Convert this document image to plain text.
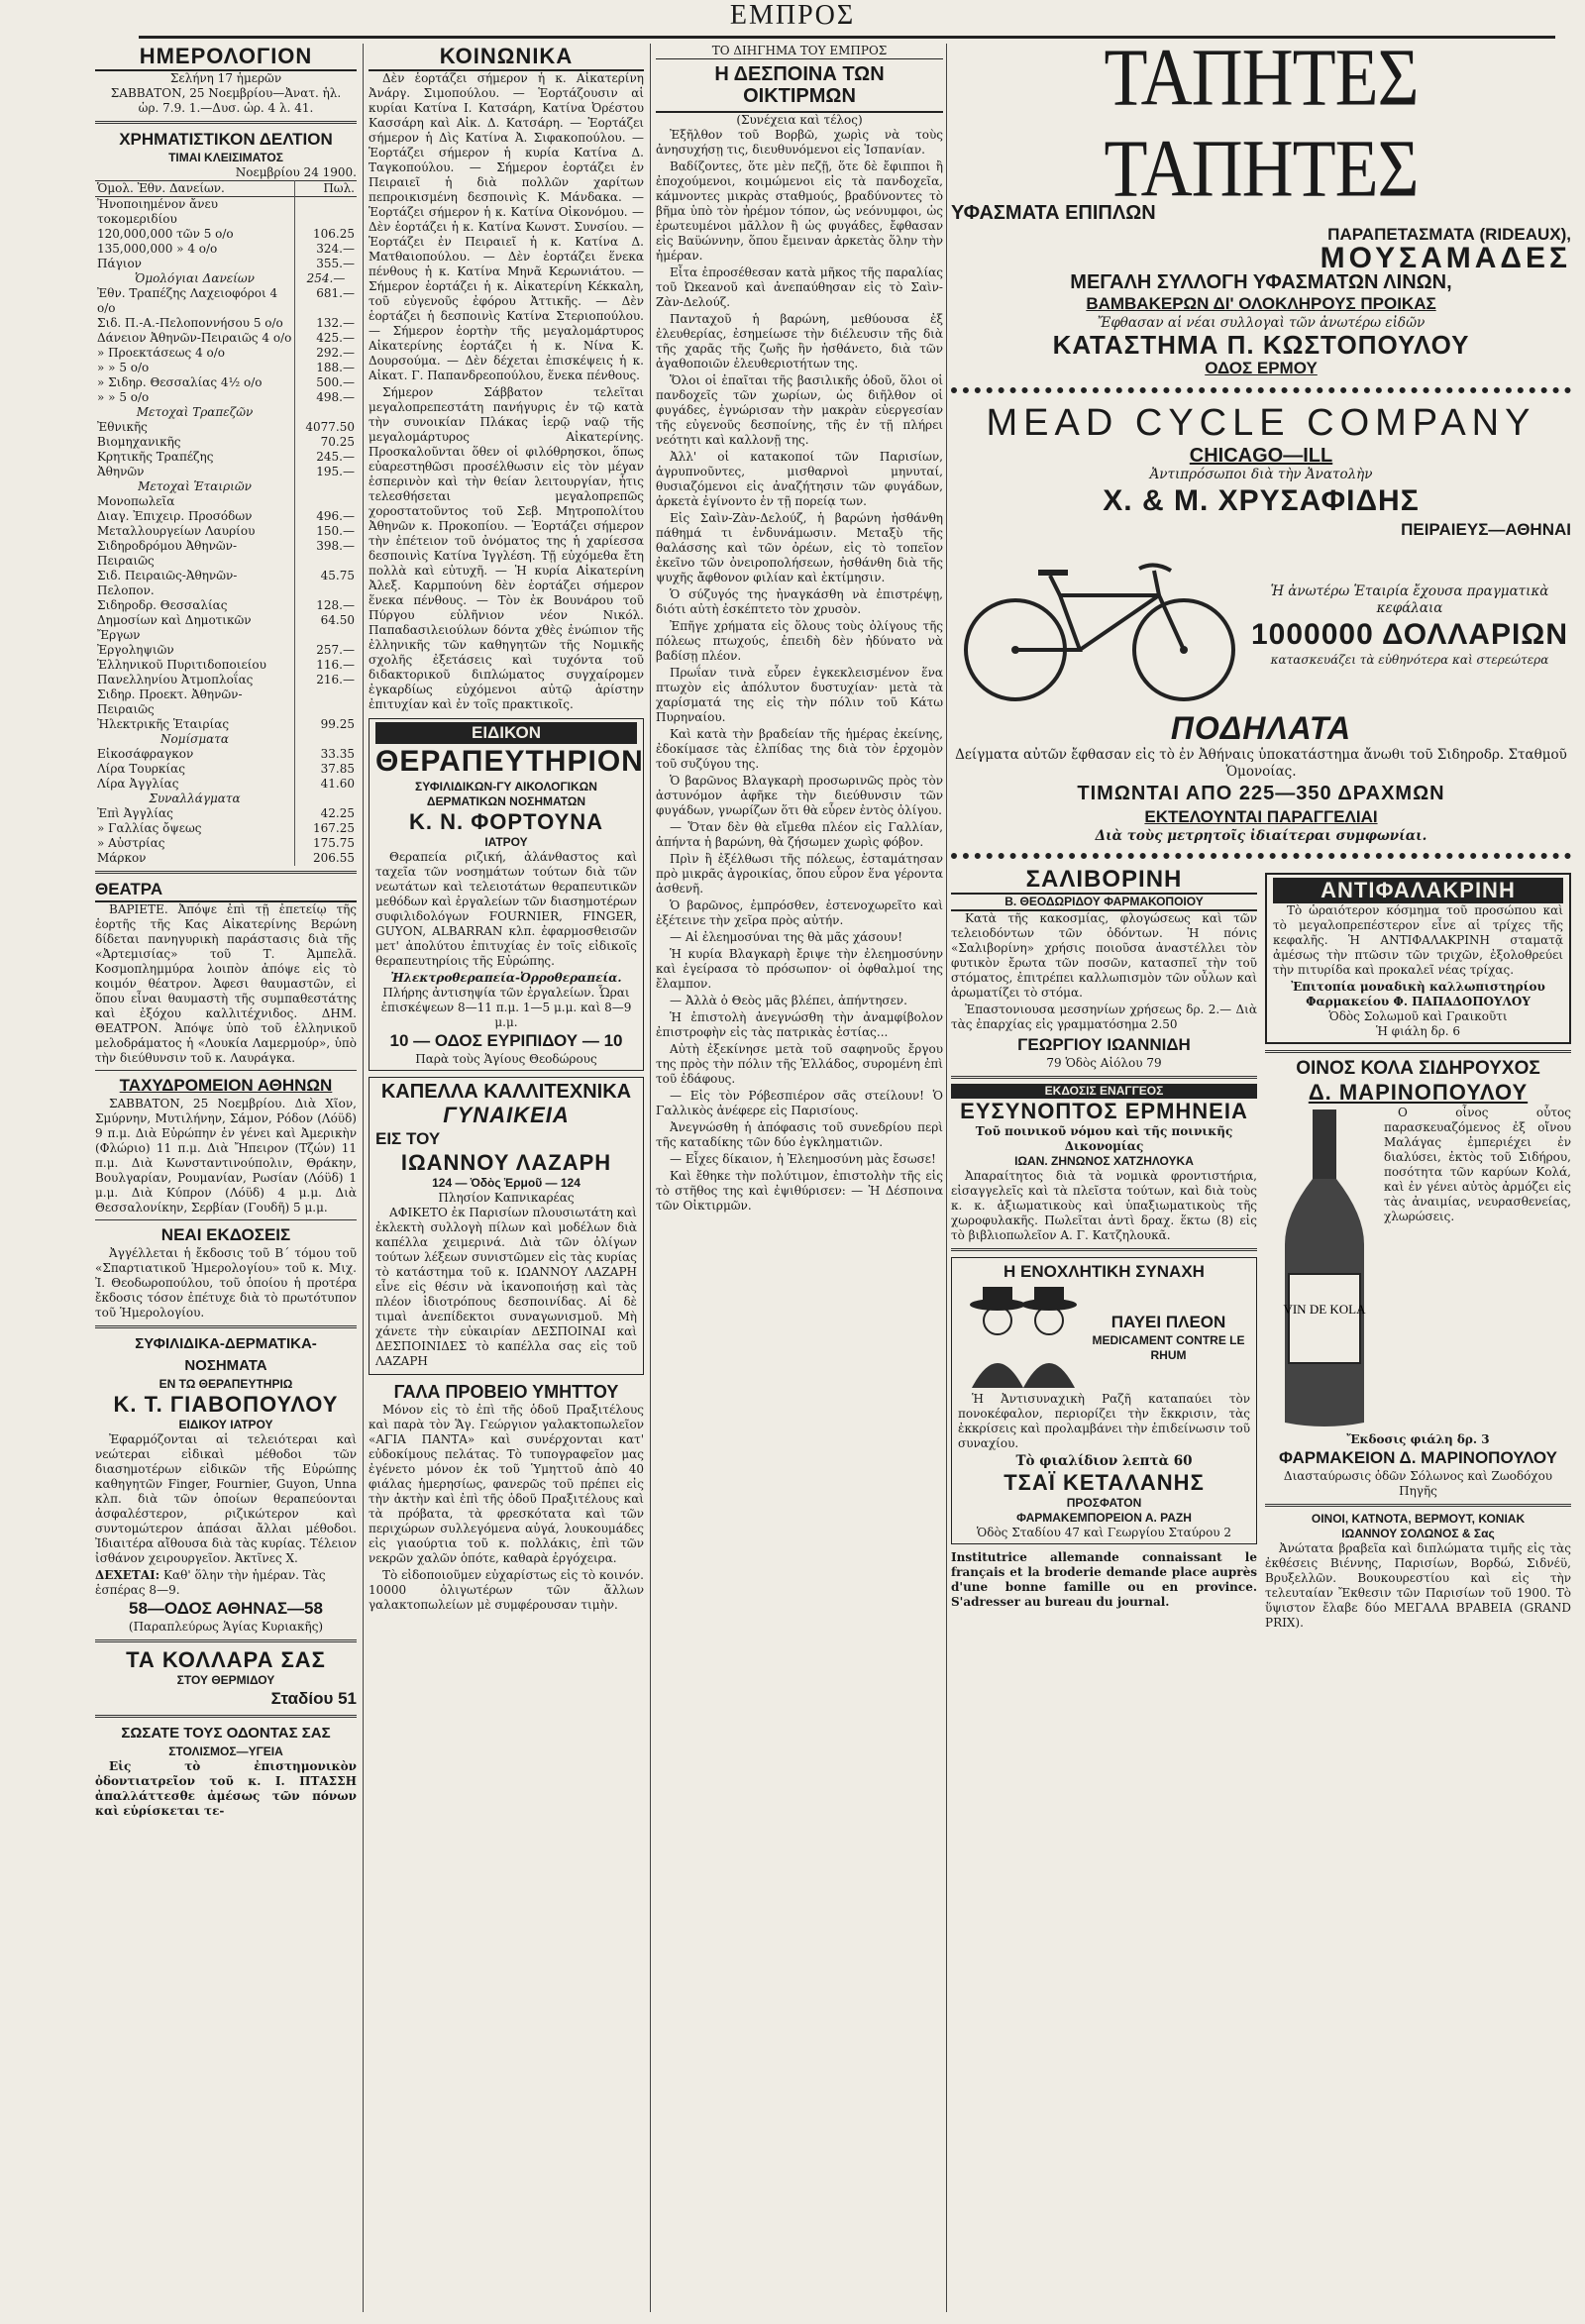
ΕΜΠΡΟΣ
ΗΜΕΡΟΛΟΓΙΟΝ
Σελήνη 17 ἡμερῶν
ΣΑΒΒΑΤΟΝ, 25 Νοεμβρίου—Ἀνατ. ἡλ.
ὡρ. 7.9. 1.—Δυσ. ὡρ. 4 λ. 41.
ΧΡΗΜΑΤΙΣΤΙΚΟΝ ΔΕΛΤΙΟΝ
ΤΙΜΑΙ ΚΛΕΙΣΙΜΑΤΟΣ
Νοεμβρίου 24 1900.
Ὁμολ. Ἐθν. Δανείων.	Πωλ.
Ἠνοποιημένον ἄνευ τοκομεριδίου	
120,000,000 τῶν 5 ο/ο	106.25
135,000,000 » 4 ο/ο	324.—
Πάγιον	355.—
Ὁμολόγιαι Δανείων	254.—
Ἐθν. Τραπέζης Λαχειοφόροι 4 ο/ο	681.—
Σιδ. Π.-Α.-Πελοποννήσου 5 ο/ο	132.—
Δάνειον Ἀθηνῶν-Πειραιῶς 4 ο/ο	425.—
» Προεκτάσεως 4 ο/ο	292.—
» » 5 ο/ο	188.—
» Σιδηρ. Θεσσαλίας 4½ ο/ο	500.—
» » 5 ο/ο	498.—
Μετοχαὶ Τραπεζῶν	
Ἐθνικῆς	4077.50
Βιομηχανικῆς	70.25
Κρητικῆς Τραπέζης	245.—
Ἀθηνῶν	195.—
Μετοχαὶ Ἑταιριῶν	
Μονοπωλεῖα	
Διαγ. Ἐπιχειρ. Προσόδων	496.—
Μεταλλουργείων Λαυρίου	150.—
Σιδηροδρόμου Ἀθηνῶν-Πειραιῶς	398.—
Σιδ. Πειραιῶς-Ἀθηνῶν-Πελοπον.	45.75
Σιδηροδρ. Θεσσαλίας	128.—
Δημοσίων καὶ Δημοτικῶν Ἔργων	64.50
Ἐργοληψιῶν	257.—
Ἑλληνικοῦ Πυριτιδοποιείου	116.—
Πανελληνίου Ἀτμοπλοΐας	216.—
Σιδηρ. Προεκτ. Ἀθηνῶν-Πειραιῶς	
Ἠλεκτρικῆς Ἑταιρίας	99.25
Νομίσματα	
Εἰκοσάφραγκον	33.35
Λίρα Τουρκίας	37.85
Λίρα Ἀγγλίας	41.60
Συναλλάγματα	
Ἐπὶ Ἀγγλίας	42.25
» Γαλλίας ὄψεως	167.25
» Αὐστρίας	175.75
Μάρκον	206.55
ΘΕΑΤΡΑ

ΒΑΡΙΕΤΕ. Ἀπόψε ἐπὶ τῇ ἐπετείῳ τῆς ἑορτῆς τῆς Κας Αἰκατερίνης Βερώνη δίδεται πανηγυρικὴ παράστασις διὰ τῆς «Ἀρτεμισίας» τοῦ Τ. Ἀμπελᾶ. Κοσμοπλημμύρα λοιπὸν ἀπόψε εἰς τὸ κοιμόν θέατρον. Ἀφεσι θαυμαστῶν, εἰ ὅπου εἶναι θαυμαστὴ τῆς συμπαθεστάτης καὶ ἐξόχου καλλιτέχνιδος. ΔΗΜ. ΘΕΑΤΡΟΝ. Ἀπόψε ὑπὸ τοῦ ἑλληνικοῦ μελοδράματος ἡ «Λουκία Λαμερμούρ», ὑπὸ τὴν διεύθυνσιν τοῦ κ. Λαυράγκα.

ΤΑΧΥΔΡΟΜΕΙΟΝ ΑΘΗΝΩΝ

ΣΑΒΒΑΤΟΝ, 25 Νοεμβρίου. Διὰ Χῖον, Σμύρνην, Μυτιλήνην, Σάμον, Ρόδον (Λόϋδ) 9 π.μ. Διὰ Εὐρώπην ἐν γένει καὶ Ἀμερικὴν (Φλώριο) 11 π.μ. Διὰ Ἤπειρον (Τζών) 11 π.μ. Διὰ Κωνσταντινούπολιν, Θράκην, Βουλγαρίαν, Ρουμανίαν, Ρωσίαν (Λόϋδ) 1 μ.μ. Διὰ Κύπρον (Λόϋδ) 4 μ.μ. Διὰ Θεσσαλονίκην, Σερβίαν (Γουδῆ) 5 μ.μ.

ΝΕΑΙ ΕΚΔΟΣΕΙΣ

Ἀγγέλλεται ἡ ἔκδοσις τοῦ Β΄ τόμου τοῦ «Σπαρτιατικοῦ Ἡμερολογίου» τοῦ κ. Μιχ. Ἰ. Θεοδωροπούλου, τοῦ ὁποίου ἡ προτέρα ἔκδοσις τόσον ἐπέτυχε διὰ τὸ πρωτότυπον τοῦ Ἡμερολογίου.

ΣΥΦΙΛΙΔΙΚΑ-ΔΕΡΜΑΤΙΚΑ-ΝΟΣΗΜΑΤΑ
ΕΝ ΤΩ ΘΕΡΑΠΕΥΤΗΡΙΩ
Κ. Τ. ΓΙΑΒΟΠΟΥΛΟΥ
ΕΙΔΙΚΟΥ ΙΑΤΡΟΥ

Ἐφαρμόζονται αἱ τελειότεραι καὶ νεώτεραι εἰδικαὶ μέθοδοι τῶν διασημοτέρων εἰδικῶν τῆς Εὐρώπης καθηγητῶν Finger, Fournier, Guyon, Unna κλπ. διὰ τῶν ὁποίων θεραπεύονται ἀσφαλέστερον, ριζικώτερον καὶ συντομώτερον ἁπάσαι ἄλλαι μέθοδοι. Ἰδιαιτέρα αἴθουσα διὰ τὰς κυρίας. Τέλειον ἰσθάνον χειρουργεῖον. Ἀκτῖνες Χ.

ΔΕΧΕΤΑΙ: Καθ' ὅλην τὴν ἡμέραν. Τὰς ἑσπέρας 8—9.
58—ΟΔΟΣ ΑΘΗΝΑΣ—58
(Παραπλεύρως Ἁγίας Κυριακῆς)
ΤΑ ΚΟΛΛΑΡΑ ΣΑΣ
ΣΤΟΥ ΘΕΡΜΙΔΟΥ
Σταδίου 51
ΣΩΣΑΤΕ ΤΟΥΣ ΟΔΟΝΤΑΣ ΣΑΣ
ΣΤΟΛΙΣΜΟΣ—ΥΓΕΙΑ

Εἰς τὸ ἐπιστημονικὸν ὀδοντιατρεῖον τοῦ κ. Ι. ΠΤΑΣΣΗ ἀπαλλάττεσθε ἀμέσως τῶν πόνων καὶ εὑρίσκεται τε-

ΚΟΙΝΩΝΙΚΑ

Δὲν ἑορτάζει σήμερον ἡ κ. Αἰκατερίνη Ἀνάργ. Σιμοπούλου. — Ἑορτάζουσιν αἱ κυρίαι Κατίνα Ι. Κατσάρη, Κατίνα Ὀρέστου Κασσάρη καὶ Αἰκ. Δ. Κατσάρη. — Ἑορτάζει σήμερον ἡ Δὶς Κατίνα Ἀ. Σιφακοπούλου. — Ἑορτάζει σήμερον ἡ κυρία Κατίνα Δ. Ταγκοπούλου. — Σήμερον ἑορτάζει ἐν Πειραιεῖ ἡ διὰ πολλῶν χαρίτων πεπροικισμένη δεσποινὶς Κ. Μάνδακα. — Ἑορτάζει σήμερον ἡ κ. Κατίνα Οἰκονόμου. — Δὲν ἑορτάζει ἡ κ. Κατίνα Κωνστ. Συνσίου. — Ἑορτάζει ἐν Πειραιεῖ ἡ κ. Κατίνα Δ. Ματθαιοπούλου. — Δὲν ἑορτάζει ἕνεκα πένθους ἡ κ. Κατίνα Μηνᾶ Κερωνιάτου. — Σήμερον ἑορτάζει ἡ κ. Αἰκατερίνη Κέκκαλη, τοῦ εὐγενοῦς ἐφόρου Ἀττικῆς. — Δὲν ἑορτάζει ἡ δεσποινὶς Κατίνα Στεριοπούλου. — Σήμερον ἑορτὴν τῆς μεγαλομάρτυρος Αἰκατερίνης ἑορτάζει ἡ κ. Νίνα Κ. Δουρσούμα. — Δὲν δέχεται ἐπισκέψεις ἡ κ. Αἰκατ. Γ. Παπανδρεοπούλου, ἕνεκα πένθους.

Σήμερον Σάββατον τελεῖται μεγαλοπρεπεστάτη πανήγυρις ἐν τῷ κατὰ τὴν συνοικίαν Πλάκας ἱερῷ ναῷ τῆς μεγαλομάρτυρος Αἰκατερίνης. Προσκαλοῦνται ὅθεν οἱ φιλόθρησκοι, ὅπως εὐαρεστηθῶσι προσέλθωσιν εἰς τὸν μέγαν ἑσπερινὸν καὶ τὴν θείαν λειτουργίαν, ἧτις τελεσθήσεται μεγαλοπρεπῶς χοροστατοῦντος τοῦ Σεβ. Μητροπολίτου Ἀθηνῶν κ. Προκοπίου. — Ἑορτάζει σήμερον τὴν ἐπέτειον τοῦ ὀνόματος της ἡ χαρίεσσα δεσποινὶς Κατίνα Ἰγγλέση. Τῇ εὐχόμεθα ἔτη πολλὰ καὶ εὐτυχῆ. — Ἡ κυρία Αἰκατερίνη Ἀλεξ. Καρμπούνη δὲν ἑορτάζει σήμερον ἕνεκα πένθους. — Τὸν ἐκ Βουνάρου τοῦ Πύργου εὑλῆνιον νέον Νικόλ. Παπαδασιλειούλων δόντα χθὲς ἐνώπιον τῆς ἐλληνικῆς τῶν καθηγητῶν τῆς Νομικῆς σχολῆς ἐξετάσεις καὶ τυχόντα τοῦ διδακτορικοῦ διπλώματος συγχαίρομεν ἐγκαρδίως εὐχόμενοι αὐτῷ ἀρίστην ἐπιτυχίαν καὶ ἐν τοῖς πρακτικοῖς.

ΕΙΔΙΚΟΝ
ΘΕΡΑΠΕΥΤΗΡΙΟΝ
ΣΥΦΙΛΙΔΙΚΩΝ-ΓΥ ΑΙΚΟΛΟΓΙΚΩΝ ΔΕΡΜΑΤΙΚΩΝ ΝΟΣΗΜΑΤΩΝ
Κ. Ν. ΦΟΡΤΟΥΝΑ
ΙΑΤΡΟΥ

Θεραπεία ριζική, ἀλάνθαστος καὶ ταχεῖα τῶν νοσημάτων τούτων διὰ τῶν νεωτάτων καὶ τελειοτάτων θεραπευτικῶν μεθόδων καὶ ἐργαλείων τῶν διασημοτέρων συφιλιδολόγων FOURNIER, FINGER, GUYON, ALBARRAN κλπ. ἐφαρμοσθεισῶν μετ' ἀπολύτου ἐπιτυχίας ἐν τοῖς εἰδικοῖς θεραπευτηρίοις τῆς Εὐρώπης.

Ἠλεκτροθεραπεία-Ὀρροθεραπεία.
Πλήρης ἀντισηψία τῶν ἐργαλείων. Ὧραι ἐπισκέψεων 8—11 π.μ. 1—5 μ.μ. καὶ 8—9 μ.μ.
10 — ΟΔΟΣ ΕΥΡΙΠΙΔΟΥ — 10
Παρὰ τοὺς Ἁγίους Θεοδώρους
ΚΑΠΕΛΛΑ ΚΑΛΛΙΤΕΧΝΙΚΑ
ΓΥΝΑΙΚΕΙΑ
ΕΙΣ ΤΟΥ
ΙΩΑΝΝΟΥ ΛΑΖΑΡΗ
124 — Ὁδὸς Ἑρμοῦ — 124
Πλησίον Καπνικαρέας

ΑΦΙΚΕΤΟ ἐκ Παρισίων πλουσιωτάτη καὶ ἐκλεκτὴ συλλογὴ πίλων καὶ μοδέλων διὰ καπέλλα χειμερινά. Διὰ τῶν ὀλίγων τούτων λέξεων συνιστῶμεν εἰς τὰς κυρίας τὸ κατάστημα τοῦ κ. ΙΩΑΝΝΟΥ ΛΑΖΑΡΗ εἶνε εἰς θέσιν νὰ ἱκανοποιήσῃ καὶ τὰς πλέον ἰδιοτρόπους δεσποινίδας. Αἱ δὲ τιμαὶ ἀνεπίδεκτοι συναγωνισμοῦ. Μὴ χάνετε τὴν εὐκαιρίαν ΔΕΣΠΟΙΝΑΙ καὶ ΔΕΣΠΟΙΝΙΔΕΣ τὸ καπέλλα σας εἰς τοῦ ΛΑΖΑΡΗ

ΓΑΛΑ ΠΡΟΒΕΙΟ ΥΜΗΤΤΟΥ

Μόνον εἰς τὸ ἐπὶ τῆς ὁδοῦ Πραξιτέλους καὶ παρὰ τὸν Ἅγ. Γεώργιον γαλακτοπωλεῖον «ΑΓΙΑ ΠΑΝΤΑ» καὶ συνέρχονται κατ' εὐδοκίμους πελάτας. Τὸ τυπογραφεῖον μας ἐγένετο μόνον ἐκ τοῦ Ὑμηττοῦ ἀπὸ 40 φιάλας ἡμερησίως, φανερῶς τοῦ πρέπει εἰς τὴν ἀκτὴν καὶ ἐπὶ τῆς ὁδοῦ Πραξιτέλους καὶ τὰ πρόβατα, τὰ φρεσκότατα καὶ τῶν περιχώρων συλλεγόμενα αὐγά, λουκουμάδες εἰς γιαούρτια τοῦ κ. πολλάκις, ἐπὶ τῶν νεκρῶν χαλῶν ὁπότε, καθαρὰ ἐργόχειρα.

Τὸ εἰδοποιοῦμεν εὐχαρίστως εἰς τὸ κοινόν. 10000 ὀλιγωτέρων τῶν ἄλλων γαλακτοπωλείων μὲ συμφέρουσαν τιμὴν.

ΤΟ ΔΙΗΓΗΜΑ ΤΟΥ ΕΜΠΡΟΣ
Η ΔΕΣΠΟΙΝΑ ΤΩΝ ΟΙΚΤΙΡΜΩΝ
(Συνέχεια καὶ τέλος)

Ἐξῆλθον τοῦ Βορβῶ, χωρὶς νὰ τοὺς ἀνησυχήσῃ τις, διευθυνόμενοι εἰς Ἱσπανίαν.

Βαδίζοντες, ὅτε μὲν πεζῇ, ὅτε δὲ ἔφιπποι ἢ ἐποχούμενοι, κοιμώμενοι εἰς τὰ πανδοχεῖα, κάμνοντες μικρὰς σταθμούς, βραδύνοντες τὸ βῆμα ὑπὸ τὸν ἠρέμον τόπον, ὡς νεόνυμφοι, ὡς ἐρωτευμένοι μᾶλλον ἢ ὡς φυγάδες, ἔφθασαν εἰς Βαϋώννην, ὅπου ἔμειναν ἀρκετὰς ὅλην τὴν ἡμέραν.

Εἶτα ἐπροσέθεσαν κατὰ μῆκος τῆς παραλίας τοῦ Ὠκεανοῦ καὶ ἀνεπαύθησαν εἰς τὸ Σαὶν-Ζὰν-Δελούζ.

Πανταχοῦ ἡ βαρώνη, μεθύουσα ἐξ ἐλευθερίας, ἐσημείωσε τὴν διέλευσιν τῆς διὰ τῆς χαρᾶς τῆς ζωῆς ἣν ἠσθάνετο, διὰ τῶν ἀγαθοποιῶν ἐλευθεριοτήτων της.

Ὅλοι οἱ ἐπαῖται τῆς βασιλικῆς ὁδοῦ, ὅλοι οἱ πανδοχεῖς τῶν χωρίων, ὡς διῆλθον οἱ φυγάδες, ἐγνώρισαν τὴν μακρὰν εὐεργεσίαν τῆς εὐγενοῦς δεσποίνης, τῆς ἐν τῇ πλήρει νεότητι καὶ καλλονῇ της.

Ἀλλ' οἱ κατακοποί τῶν Παρισίων, ἀγρυπνοῦντες, μισθαρνοὶ μηνυταί, θυσιαζόμενοι εἰς ἀναζήτησιν τῶν φυγάδων, ἀρκετὰ ἐγίνοντο ἐν τῇ πορείᾳ των.

Εἰς Σαὶν-Ζὰν-Δελούζ, ἡ βαρώνη ἠσθάνθη πάθημά τι ἐνδυνάμωσιν. Μεταξὺ τῆς θαλάσσης καὶ τῶν ὀρέων, εἰς τὸ τοπεῖον ἐκεῖνο τῶν ὀνειροπολήσεων, ἠσθάνθη διὰ τῆς ψυχῆς ἄφθονον φιλίαν καὶ ἐκτίμησιν.

Ὁ σύζυγός της ἠναγκάσθη νὰ ἐπιστρέψῃ, διότι αὐτὴ ἐσκέπτετο τὸν χρυσὸν.

Ἐπῆγε χρήματα εἰς ὅλους τοὺς ὀλίγους τῆς πόλεως πτωχούς, ἐπειδὴ δὲν ἠδύνατο νὰ βαδίσῃ πλέον.

Πρωΐαν τινὰ εὗρεν ἐγκεκλεισμένον ἕνα πτωχὸν εἰς ἀπόλυτον δυστυχίαν· μετὰ τὰ χαρίσματά της εἰς τὴν πόλιν τοῦ Κάτω Πυρηναίου.

Καὶ κατὰ τὴν βραδείαν τῆς ἡμέρας ἐκείνης, ἐδοκίμασε τὰς ἐλπίδας της διὰ τὸν ἐρχομὸν τοῦ συζύγου της.

Ὁ βαρῶνος Βλαγκαρὴ προσωρινῶς πρὸς τὸν ἀστυνόμον ἀφῆκε τὴν διεύθυνσιν τῶν φυγάδων, γνωρίζων ὅτι θὰ εὗρεν ἐντὸς ὀλίγου.

— Ὅταν δὲν θὰ εἴμεθα πλέον εἰς Γαλλίαν, ἀπήντα ἡ βαρώνη, θὰ ζήσωμεν χωρὶς φόβον.

Πρὶν ἢ ἐξέλθωσι τῆς πόλεως, ἐσταμάτησαν πρὸ μικρᾶς ἀγροικίας, ὅπου εὗρον ἕνα γέροντα ἀσθενῆ.

Ὁ βαρῶνος, ἐμπρόσθεν, ἐστενοχωρεῖτο καὶ ἐξέτεινε τὴν χεῖρα πρὸς αὐτήν.

— Αἱ ἐλεημοσύναι της θὰ μᾶς χάσουν!

Ἡ κυρία Βλαγκαρὴ ἔριψε τὴν ἐλεημοσύνην καὶ ἐγείρασα τὸ πρόσωπον· οἱ ὀφθαλμοί της ἔλαμπον.

— Ἀλλὰ ὁ Θεὸς μᾶς βλέπει, ἀπήντησεν.

Ἡ ἐπιστολὴ ἀνεγνώσθη τὴν ἀναμφίβολον ἐπιστροφὴν εἰς τὰς πατρικὰς ἑστίας...

Αὐτὴ ἐξεκίνησε μετὰ τοῦ σαφηνοῦς ἔργου της πρὸς τὴν πόλιν τῆς Ἑλλάδος, συρομένη ἐπὶ τοῦ ἐδάφους.

— Εἰς τὸν Ρόβεσπιέρον σᾶς στείλουν! Ὁ Γαλλικὸς ἀνέφερε εἰς Παρισίους.

Ἀνεγνώσθη ἡ ἀπόφασις τοῦ συνεδρίου περὶ τῆς καταδίκης τῶν δύο ἐγκληματιῶν.

— Εἶχες δίκαιον, ἡ Ἐλεημοσύνη μὰς ἔσωσε!

Καὶ ἔθηκε τὴν πολύτιμον, ἐπιστολὴν τῆς εἰς τὸ στῆθος της καὶ ἐψιθύρισεν: — Ἡ Δέσποινα τῶν Οἰκτιρμῶν.

ΤΑΠΗΤΕΣ ΤΑΠΗΤΕΣ
ΥΦΑΣΜΑΤΑ ΕΠΙΠΛΩΝ
ΠΑΡΑΠΕΤΑΣΜΑΤΑ (RIDEAUX),
ΜΟΥΣΑΜΑΔΕΣ
ΜΕΓΑΛΗ ΣΥΛΛΟΓΗ ΥΦΑΣΜΑΤΩΝ ΛΙΝΩΝ,
ΒΑΜΒΑΚΕΡΩΝ ΔΙ' ΟΛΟΚΛΗΡΟΥΣ ΠΡΟΙΚΑΣ
Ἔφθασαν αἱ νέαι συλλογαὶ τῶν ἀνωτέρω εἰδῶν
ΚΑΤΑΣΤΗΜΑ Π. ΚΩΣΤΟΠΟΥΛΟΥ
ΟΔΟΣ ΕΡΜΟΥ
MEAD CYCLE COMPANY
CHICAGO—ILL
Ἀντιπρόσωποι διὰ τὴν Ἀνατολὴν
Χ. & Μ. ΧΡΥΣΑΦΙΔΗΣ
ΠΕΙΡΑΙΕΥΣ—ΑΘΗΝΑΙ
Ἡ ἀνωτέρω Ἑταιρία ἔχουσα πραγματικὰ κεφάλαια
1000000 ΔΟΛΛΑΡΙΩΝ
κατασκευάζει τὰ εὐθηνότερα καὶ στερεώτερα
ΠΟΔΗΛΑΤΑ
Δείγματα αὐτῶν ἔφθασαν εἰς τὸ ἐν Ἀθήναις ὑποκατάστημα ἄνωθι τοῦ Σιδηροδρ. Σταθμοῦ Ὁμονοίας.
ΤΙΜΩΝΤΑΙ ΑΠΟ 225—350 ΔΡΑΧΜΩΝ
ΕΚΤΕΛΟΥΝΤΑΙ ΠΑΡΑΓΓΕΛΙΑΙ
Διὰ τοὺς μετρητοῖς ἰδιαίτεραι συμφωνίαι.
ΣΑΛΙΒΟΡΙΝΗ
Β. ΘΕΟΔΩΡΙΔΟΥ ΦΑΡΜΑΚΟΠΟΙΟΥ

Κατὰ τῆς κακοσμίας, φλογώσεως καὶ τῶν τελειοδόντων τῶν ὀδόντων. Ἡ πόνις «Σαλιβορίνη» χρήσις ποιοῦσα ἀναστέλλει τὸν φυτικὸν ἔρωτα τῶν ποσῶν, κατασπεῖ τὴν τοῦ στόματος, ἐπιτρέπει καλλωπισμὸν τῶν οὖλων καὶ ἀρωματίζει τὸ στόμα.

Ἐπαστονιουσα μεσσηνίων χρήσεως δρ. 2.— Διὰ τὰς ἐπαρχίας εἰς γραμματόσημα 2.50

ΓΕΩΡΓΙΟΥ ΙΩΑΝΝΙΔΗ
79 Ὁδὸς Αἰόλου 79
ΕΚΔΟΣΙΣ ΕΝΑΓΓΕΟΣ
ΕΥΣΥΝΟΠΤΟΣ ΕΡΜΗΝΕΙΑ
Τοῦ ποινικοῦ νόμου καὶ τῆς ποινικῆς Δικονομίας
ΙΩΑΝ. ΖΗΝΩΝΟΣ ΧΑΤΖΗΛΟΥΚΑ

Ἀπαραίτητος διὰ τὰ νομικὰ φροντιστήρια, εἰσαγγελεῖς καὶ τὰ πλεῖστα τούτων, καὶ διὰ τοὺς κ. κ. ἀξιωματικοὺς καὶ ὑπαξιωματικοὺς τῆς χωροφυλακῆς. Πωλεῖται ἀντὶ δραχ. ἕκτω (8) εἰς τὸ βιβλιοπωλεῖον Α. Γ. Κατζηλουκᾶ.

Η ΕΝΟΧΛΗΤΙΚΗ ΣΥΝΑΧΗ
ΠΑΥΕΙ ΠΛΕΟΝ
MEDICAMENT CONTRE LE RHUM

Ἡ Ἀντισυναχικὴ Ραζῆ καταπαύει τὸν πονοκέφαλον, περιορίζει τὴν ἔκκρισιν, τὰς ἐκκρίσεις καὶ προλαμβάνει τὴν ἐπιδείνωσιν τοῦ συναχίου.

Τὸ φιαλίδιον λεπτὰ 60
ΤΣΑΪ ΚΕΤΑΛΑΝΗΣ
ΠΡΟΣΦΑΤΟΝ
ΦΑΡΜΑΚΕΜΠΟΡΕΙΟΝ Α. ΡΑΖΗ
Ὁδὸς Σταδίου 47 καὶ Γεωργίου Σταύρου 2

Institutrice allemande connaissant le français et la broderie demande place auprès d'une bonne famille ou en province. S'adresser au bureau du journal.

ΑΝΤΙΦΑΛΑΚΡΙΝΗ

Τὸ ὡραιότερον κόσμημα τοῦ προσώπου καὶ τὸ μεγαλοπρεπέστερον εἶνε αἱ τρίχες τῆς κεφαλῆς. Ἡ ΑΝΤΙΦΑΛΑΚΡΙΝΗ σταματᾷ ἀμέσως τὴν πτῶσιν τῶν τριχῶν, ἐξολοθρεύει τὴν πιτυρίδα καὶ προκαλεῖ νέας τρίχας.

Ἐπιτοπία μοναδικὴ καλλωπιστηρίου Φαρμακείου Φ. ΠΑΠΑΔΟΠΟΥΛΟΥ
Ὁδὸς Σολωμοῦ καὶ Γραικοῦτι
Ἡ φιάλη δρ. 6
ΟΙΝΟΣ ΚΟΛΑ ΣΙΔΗΡΟΥΧΟΣ
Δ. ΜΑΡΙΝΟΠΟΥΛΟΥ
VIN DE KOLA

Ο οἶνος οὗτος παρασκευαζόμενος ἐξ οἴνου Μαλάγας ἐμπεριέχει ἐν διαλύσει, ἐκτὸς τοῦ Σιδήρου, ποσότητα τῶν καρύων Κολά, καὶ ἐν γένει αὐτὸς ἀρμόζει εἰς τὰς ἀναιμίας, νευρασθενείας, χλωρώσεις.

Ἔκδοσις φιάλη δρ. 3
ΦΑΡΜΑΚΕΙΟΝ Δ. ΜΑΡΙΝΟΠΟΥΛΟΥ
Διασταύρωσις ὁδῶν Σόλωνος καὶ Ζωοδόχου Πηγῆς
ΟΙΝΟΙ, ΚΑΤΝΟΤΑ, ΒΕΡΜΟΥΤ, ΚΟΝΙΑΚ
ΙΩΑΝΝΟΥ ΣΟΛΩΝΟΣ & Σας

Ἀνώτατα βραβεῖα καὶ διπλώματα τιμῆς εἰς τὰς ἐκθέσεις Βιέννης, Παρισίων, Βορδώ, Σιδνέϋ, Βρυξελλῶν. Βουκουρεστίου καὶ εἰς τὴν τελευταίαν Ἔκθεσιν τῶν Παρισίων τοῦ 1900. Τὸ ὕψιστον ἔλαβε δύο ΜΕΓΑΛΑ ΒΡΑΒΕΙΑ (GRAND PRIX).
